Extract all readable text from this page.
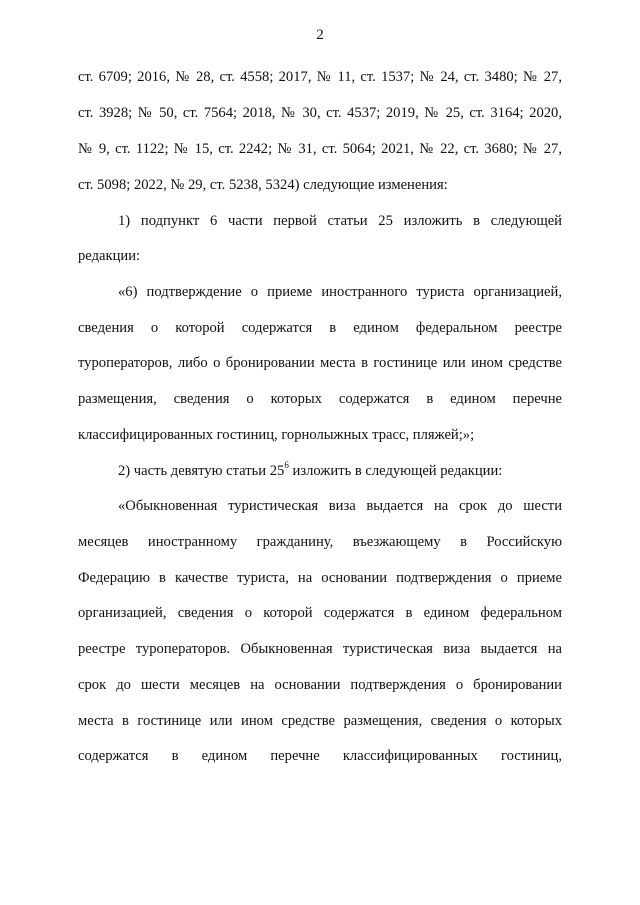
2
ст. 6709; 2016, № 28, ст. 4558; 2017, № 11, ст. 1537; № 24, ст. 3480; № 27,
ст. 3928; № 50, ст. 7564; 2018, № 30, ст. 4537; 2019, № 25, ст. 3164; 2020,
№ 9, ст. 1122; № 15, ст. 2242; № 31, ст. 5064; 2021, № 22, ст. 3680; № 27,
ст. 5098; 2022, № 29, ст. 5238, 5324) следующие изменения:
1) подпункт 6 части первой статьи 25 изложить в следующей
редакции:
«6) подтверждение о приеме иностранного туриста организацией,
сведения о которой содержатся в едином федеральном реестре
туроператоров, либо о бронировании места в гостинице или ином средстве
размещения, сведения о которых содержатся в едином перечне
классифицированных гостиниц, горнолыжных трасс, пляжей;»;
2) часть девятую статьи $25^6$ изложить в следующей редакции:
«Обыкновенная туристическая виза выдается на срок до шести
месяцев иностранному гражданину, въезжающему в Российскую
Федерацию в качестве туриста, на основании подтверждения о приеме
организацией, сведения о которой содержатся в едином федеральном
реестре туроператоров. Обыкновенная туристическая виза выдается на
срок до шести месяцев на основании подтверждения о бронировании
места в гостинице или ином средстве размещения, сведения о которых
содержатся в едином перечне классифицированных гостиниц,
